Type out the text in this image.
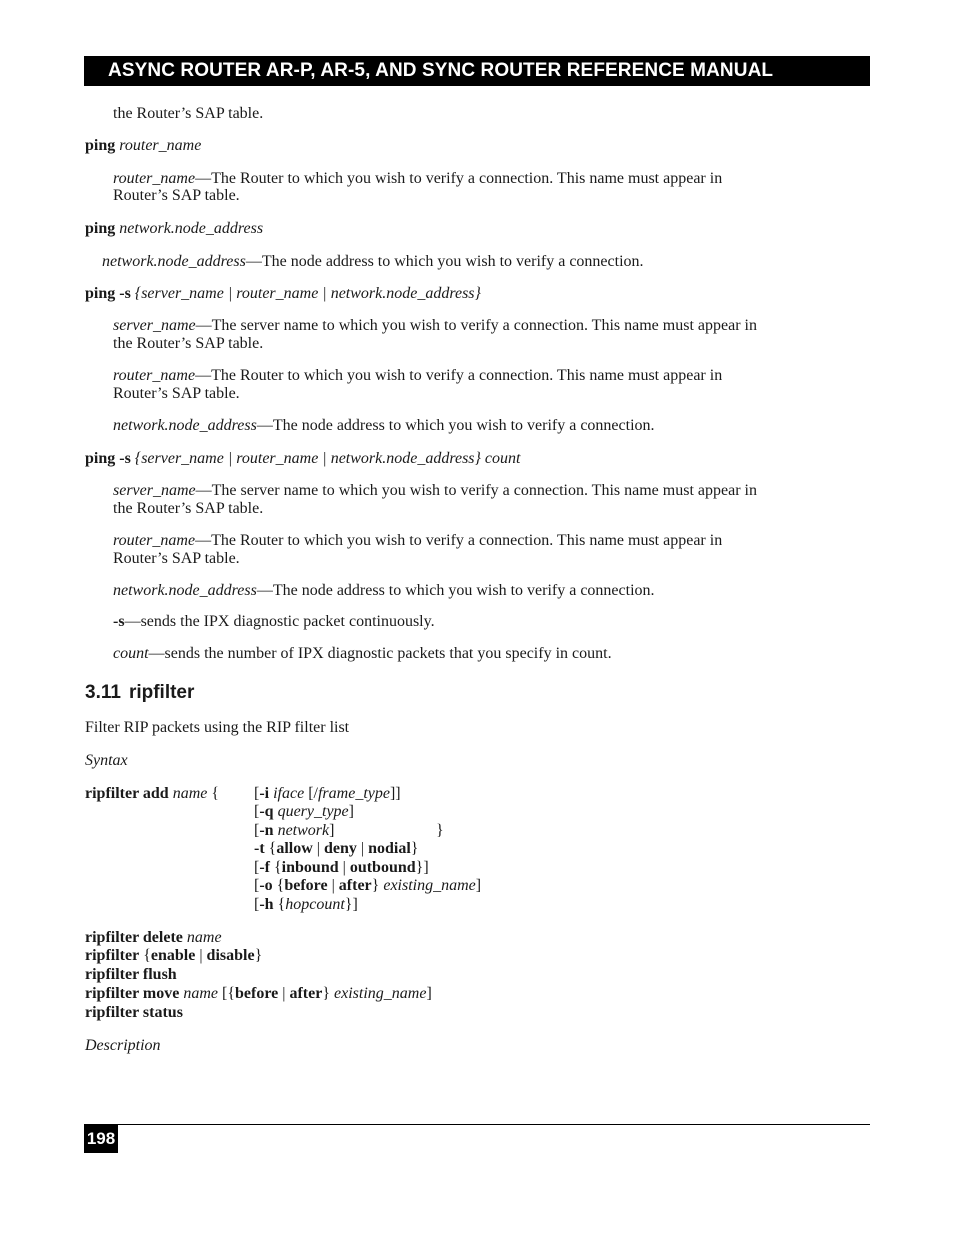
ASYNC ROUTER AR-P, AR-5, AND SYNC ROUTER REFERENCE MANUAL
the Router’s SAP table.
ping router_name
router_name—The Router to which you wish to verify a connection. This name must appear in
Router’s SAP table.
ping network.node_address
network.node_address—The node address to which you wish to verify a connection.
ping -s {server_name | router_name | network.node_address}
server_name—The server name to which you wish to verify a connection. This name must appear in
the Router’s SAP table.
router_name—The Router to which you wish to verify a connection. This name must appear in
Router’s SAP table.
network.node_address—The node address to which you wish to verify a connection.
ping -s {server_name | router_name | network.node_address} count
server_name—The server name to which you wish to verify a connection. This name must appear in
the Router’s SAP table.
router_name—The Router to which you wish to verify a connection. This name must appear in
Router’s SAP table.
network.node_address—The node address to which you wish to verify a connection.
-s—sends the IPX diagnostic packet continuously.
count—sends the number of IPX diagnostic packets that you specify in count.
3.11 ripfilter
Filter RIP packets using the RIP filter list
Syntax
ripfilter add name { [-i iface [/frame_type]]
[-q query_type]
[-n network]	}
-t {allow | deny | nodial}
[-f {inbound | outbound}]
[-o {before | after} existing_name]
[-h {hopcount}]
ripfilter delete name
ripfilter {enable | disable}
ripfilter flush
ripfilter move name [{before | after} existing_name]
ripfilter status
Description
198
